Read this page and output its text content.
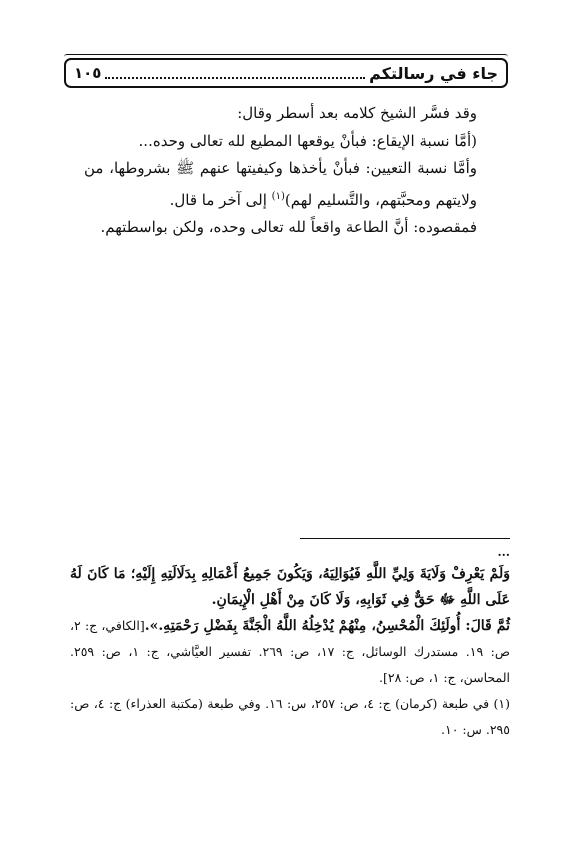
جاء في رسالتكم
١٠٥

وقد فسَّر الشيخ كلامه بعد أسطر وقال:

(أمَّا نسبة الإيقاع: فبأنْ يوقعها المطيع لله تعالى وحده...

وأمَّا نسبة التعيين: فبأنْ يأخذها وكيفيتها عنهم ﷺ بشروطها، من ولايتهم ومحبَّتهم، والتَّسليم لهم)$^{(١)}$ إلى آخر ما قال.

فمقصوده: أنَّ الطاعة واقعاً لله تعالى وحده، ولكن بواسطتهم.

...

وَلَمْ يَعْرِفْ وَلَايَةَ وَلِيِّ اللَّهِ فَيُوَالِيَهُ، وَيَكُونَ جَمِيعُ أَعْمَالِهِ بِدَلَالَتِهِ إِلَيْهِ؛ مَا كَانَ لَهُ عَلَى اللَّهِ ﷻ حَقٌّ فِي ثَوَابِهِ، وَلَا كَانَ مِنْ أَهْلِ الْإِيمَانِ.

ثُمَّ قَالَ: أُولَئِكَ الْمُحْسِنُ، مِنْهُمْ يُدْخِلُهُ اللَّهُ الْجَنَّةَ بِفَضْلِ رَحْمَتِهِ.».[الكافي، ج: ٢، ص: ١٩. مستدرك الوسائل، ج: ١٧، ص: ٢٦٩. تفسير العيَّاشي، ج: ١، ص: ٢٥٩. المحاسن، ج: ١، ص: ٢٨].

(١) في طبعة (كرمان) ج: ٤، ص: ٢٥٧، س: ١٦. وفي طبعة (مكتبة العذراء) ج: ٤، ص: ٢٩٥. س: ١٠.
